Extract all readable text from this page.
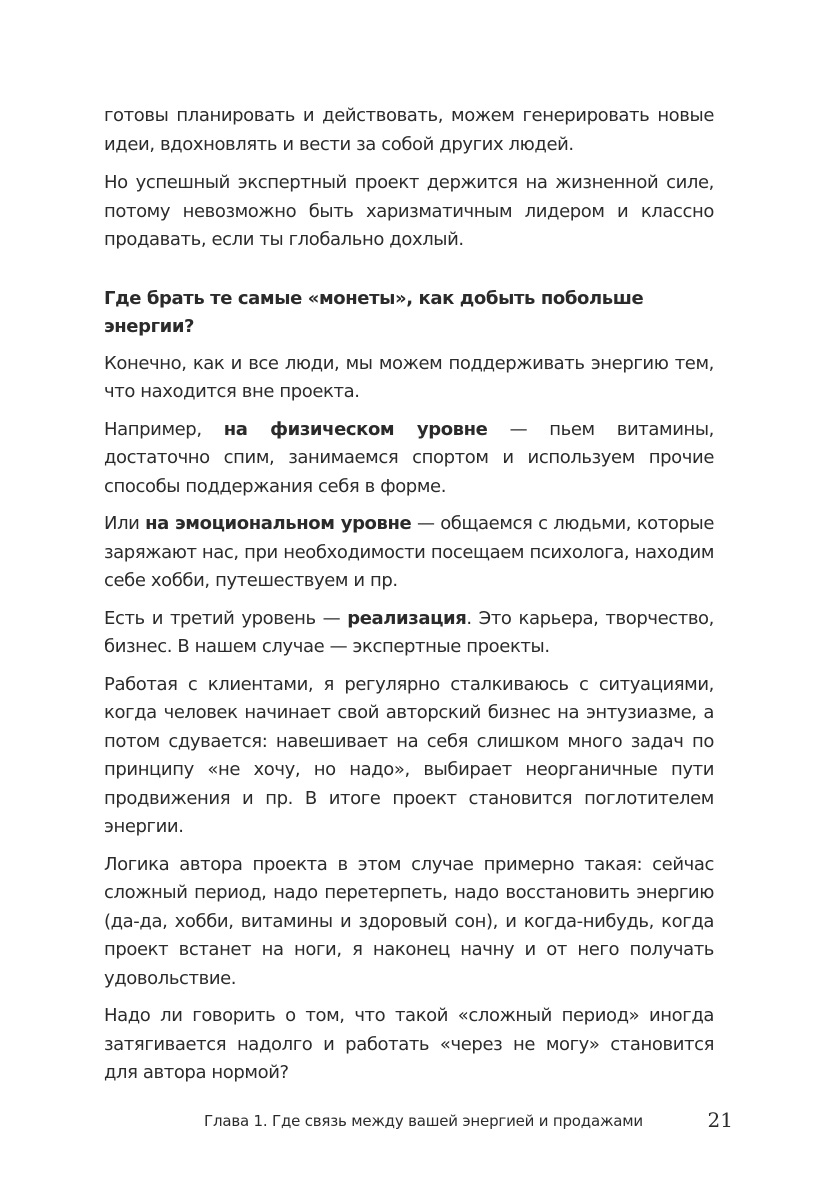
готовы планировать и действовать, можем генерировать новые идеи, вдохновлять и вести за собой других людей.

Но успешный экспертный проект держится на жизненной силе, потому невозможно быть харизматичным лидером и классно продавать, если ты глобально дохлый.

Где брать те самые «монеты», как добыть побольше энергии?

Конечно, как и все люди, мы можем поддерживать энергию тем, что находится вне проекта.

Например, на физическом уровне — пьем витамины, достаточно спим, занимаемся спортом и используем прочие способы поддержания себя в форме.

Или на эмоциональном уровне — общаемся с людьми, которые заряжают нас, при необходимости посещаем психолога, находим себе хобби, путешествуем и пр.

Есть и третий уровень — реализация. Это карьера, творчество, бизнес. В нашем случае — экспертные проекты.

Работая с клиентами, я регулярно сталкиваюсь с ситуациями, когда человек начинает свой авторский бизнес на энтузиазме, а потом сдувается: навешивает на себя слишком много задач по принципу «не хочу, но надо», выбирает неорганичные пути продвижения и пр. В итоге проект становится поглотителем энергии.

Логика автора проекта в этом случае примерно такая: сейчас сложный период, надо перетерпеть, надо восстановить энергию (да-да, хобби, витамины и здоровый сон), и когда-нибудь, когда проект встанет на ноги, я наконец начну и от него получать удовольствие.

Надо ли говорить о том, что такой «сложный период» иногда затягивается надолго и работать «через не могу» становится для автора нормой?

Глава 1. Где связь между вашей энергией и продажами	21
